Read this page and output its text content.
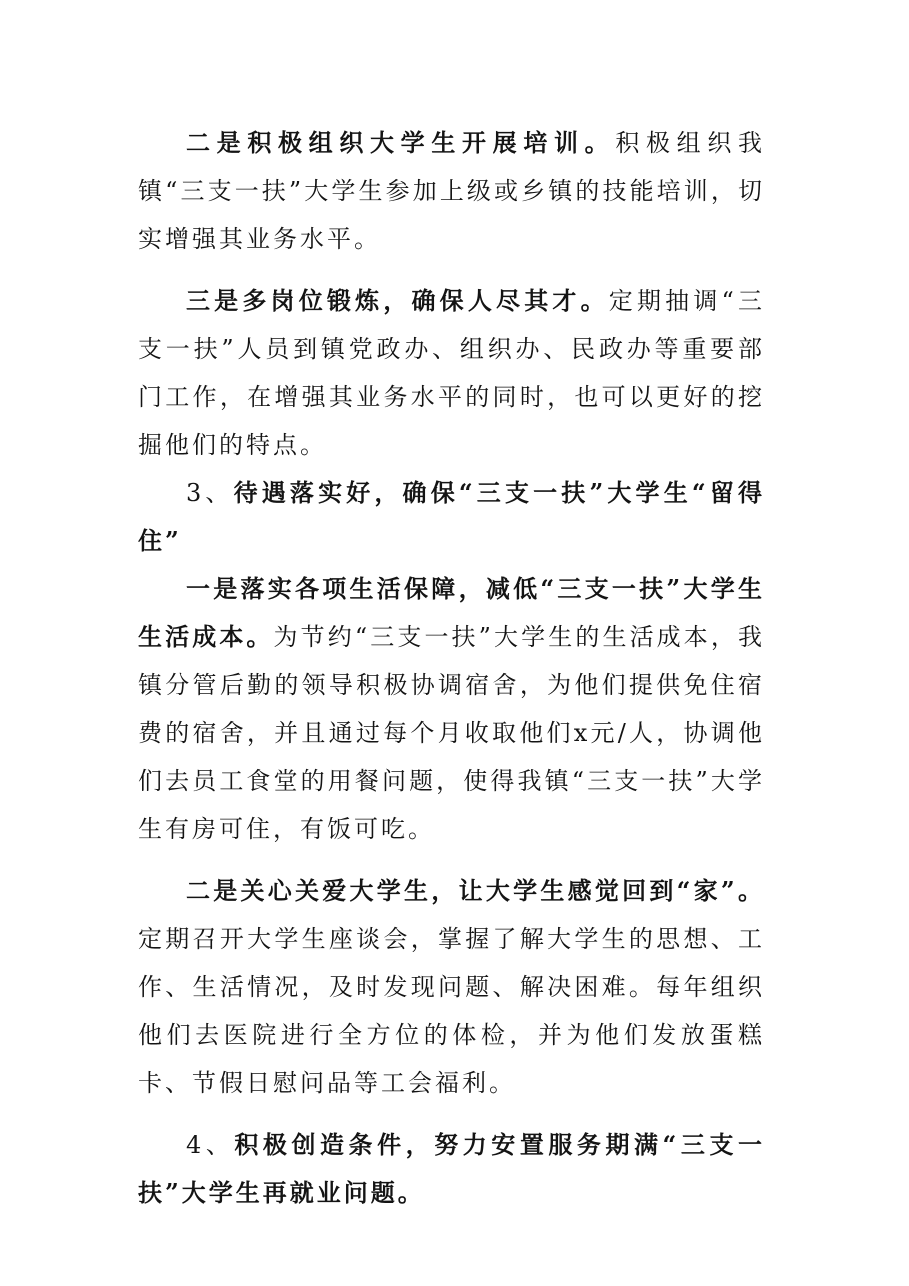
二是积极组织大学生开展培训。积极组织我镇“三支一扶”大学生参加上级或乡镇的技能培训，切实增强其业务水平。

三是多岗位锻炼，确保人尽其才。定期抽调“三支一扶”人员到镇党政办、组织办、民政办等重要部门工作，在增强其业务水平的同时，也可以更好的挖掘他们的特点。

3、待遇落实好，确保“三支一扶”大学生“留得住”

一是落实各项生活保障，减低“三支一扶”大学生生活成本。为节约“三支一扶”大学生的生活成本，我镇分管后勤的领导积极协调宿舍，为他们提供免住宿费的宿舍，并且通过每个月收取他们x元/人，协调他们去员工食堂的用餐问题，使得我镇“三支一扶”大学生有房可住，有饭可吃。

二是关心关爱大学生，让大学生感觉回到“家”。定期召开大学生座谈会，掌握了解大学生的思想、工作、生活情况，及时发现问题、解决困难。每年组织他们去医院进行全方位的体检，并为他们发放蛋糕卡、节假日慰问品等工会福利。

4、积极创造条件，努力安置服务期满“三支一扶”大学生再就业问题。
